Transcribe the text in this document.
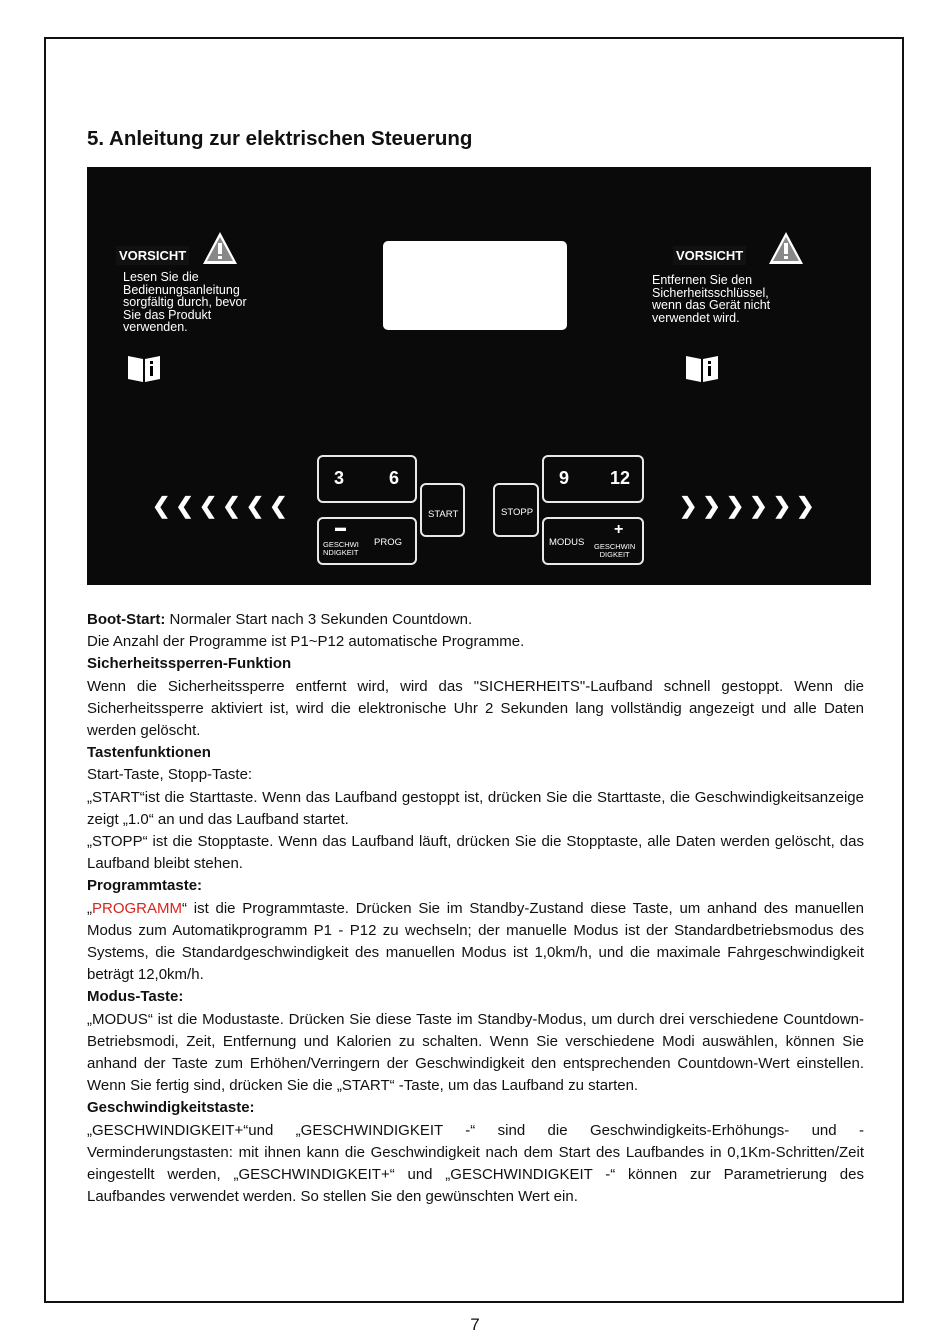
5. Anleitung zur elektrischen Steuerung
VORSICHT
Lesen Sie die
Bedienungsanleitung
sorgfältig durch, bevor
Sie das Produkt
verwenden.
VORSICHT
Entfernen Sie den
Sicherheitsschlüssel,
wenn das Gerät nicht
verwendet wird.
❮❮❮❮❮❮	❯❯❯❯❯❯
3 6	9 12
START	STOPP
▬
GESCHWI
NDIGKEIT
PROG	MODUS
+
GESCHWIN
DIGKEIT

Boot-Start: Normaler Start nach 3 Sekunden Countdown.

Die Anzahl der Programme ist P1~P12 automatische Programme.

Sicherheitssperren-Funktion

Wenn die Sicherheitssperre entfernt wird, wird das "SICHERHEITS"-Laufband schnell gestoppt. Wenn die Sicherheitssperre aktiviert ist, wird die elektronische Uhr 2 Sekunden lang vollständig angezeigt und alle Daten werden gelöscht.

Tastenfunktionen

Start-Taste, Stopp-Taste:

„START“ist die Starttaste. Wenn das Laufband gestoppt ist, drücken Sie die Starttaste, die Geschwindigkeitsanzeige zeigt „1.0“ an und das Laufband startet.

„STOPP“ ist die Stopptaste. Wenn das Laufband läuft, drücken Sie die Stopptaste, alle Daten werden gelöscht, das Laufband bleibt stehen.

Programmtaste:

„PROGRAMM“ ist die Programmtaste. Drücken Sie im Standby-Zustand diese Taste, um anhand des manuellen Modus zum Automatikprogramm P1 - P12 zu wechseln; der manuelle Modus ist der Standardbetriebsmodus des Systems, die Standardgeschwindigkeit des manuellen Modus ist 1,0km/h, und die maximale Fahrgeschwindigkeit beträgt 12,0km/h.

Modus-Taste:

„MODUS“ ist die Modustaste. Drücken Sie diese Taste im Standby-Modus, um durch drei verschiedene Countdown-Betriebsmodi, Zeit, Entfernung und Kalorien zu schalten. Wenn Sie verschiedene Modi auswählen, können Sie anhand der Taste zum Erhöhen/Verringern der Geschwindigkeit den entsprechenden Countdown-Wert einstellen. Wenn Sie fertig sind, drücken Sie die „START“ -Taste, um das Laufband zu starten.

Geschwindigkeitstaste:

„GESCHWINDIGKEIT+“und „GESCHWINDIGKEIT -“ sind die Geschwindigkeits-Erhöhungs- und -Verminderungstasten: mit ihnen kann die Geschwindigkeit nach dem Start des Laufbandes in 0,1Km-Schritten/Zeit eingestellt werden, „GESCHWINDIGKEIT+“ und „GESCHWINDIGKEIT -“ können zur Parametrierung des Laufbandes verwendet werden. So stellen Sie den gewünschten Wert ein.

7
